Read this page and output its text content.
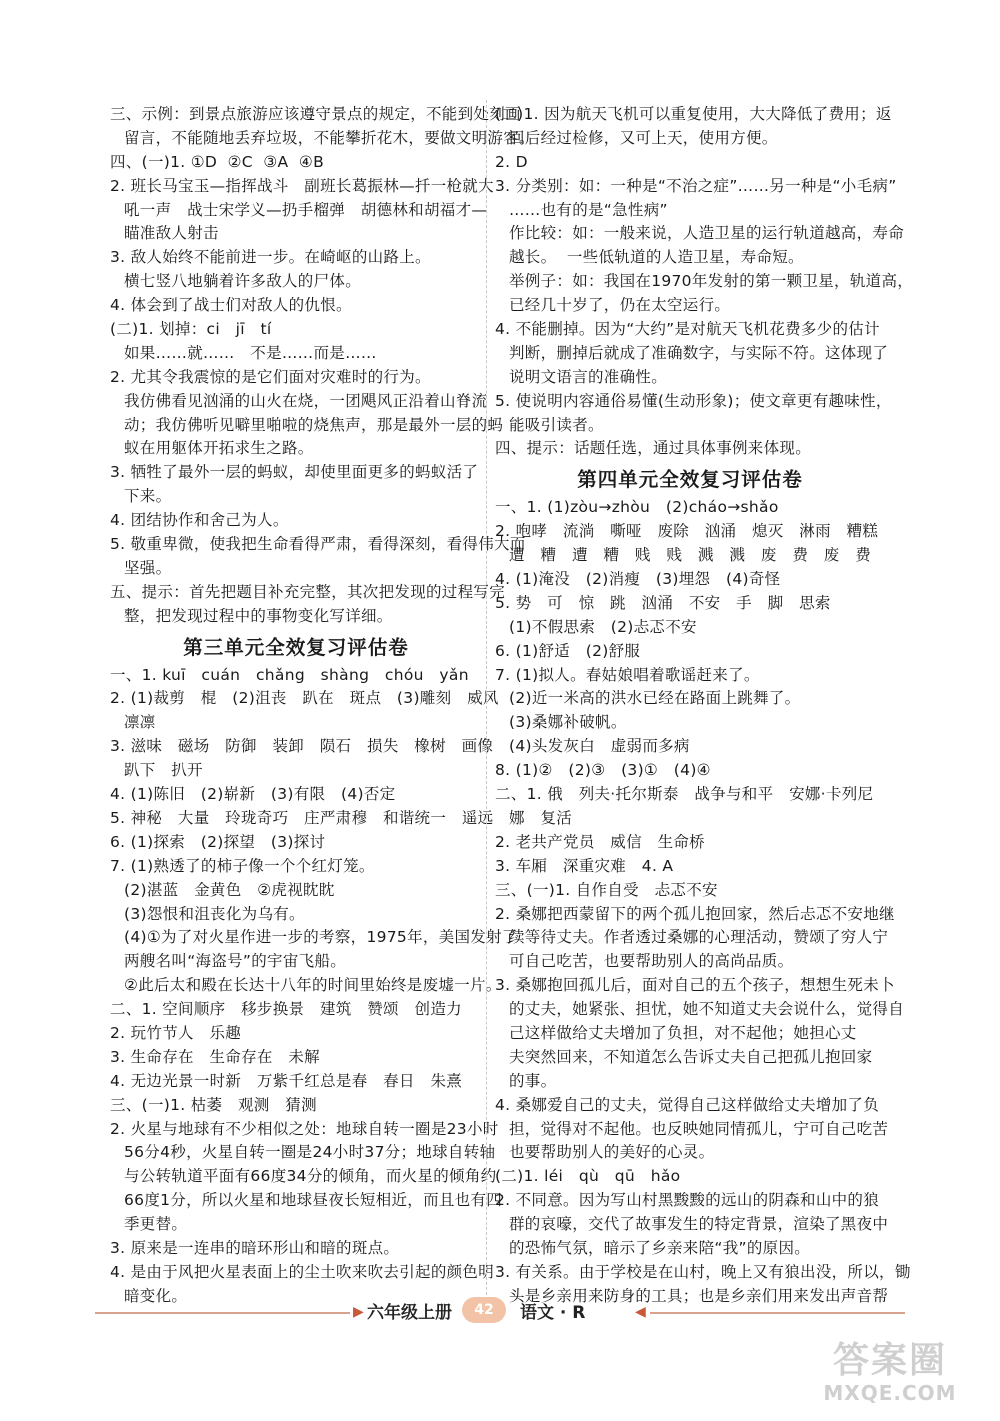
三、示例：到景点旅游应该遵守景点的规定，不能到处刻画
留言，不能随地丢弃垃圾，不能攀折花木，要做文明游客。
四、(一)1. ①D  ②C  ③A  ④B
2. 班长马宝玉—指挥战斗   副班长葛振林—扦一枪就大
吼一声   战士宋学义—扔手榴弹   胡德林和胡福才—
瞄准敌人射击
3. 敌人始终不能前进一步。在崎岖的山路上。
横七竖八地躺着许多敌人的尸体。
4. 体会到了战士们对敌人的仇恨。
(二)1. 划掉：ci   jī   tí
如果……就……   不是……而是……
2. 尤其令我震惊的是它们面对灾难时的行为。
我仿佛看见汹涌的山火在烧，一团飓风正沿着山脊流
动；我仿佛听见噼里啪啦的烧焦声，那是最外一层的蚂
蚁在用躯体开拓求生之路。
3. 牺牲了最外一层的蚂蚁，却使里面更多的蚂蚁活了
下来。
4. 团结协作和舍己为人。
5. 敬重卑微，使我把生命看得严肃，看得深刻，看得伟大而
坚强。
五、提示：首先把题目补充完整，其次把发现的过程写完
整，把发现过程中的事物变化写详细。
第三单元全效复习评估卷
一、1. kuī   cuán   chǎng   shàng   chóu   yǎn
2. (1)裁剪   棍   (2)沮丧   趴在   斑点   (3)雕刻   威风
凛凛
3. 滋味   磁场   防御   装卸   陨石   损失   橡树   画像
趴下   扒开
4. (1)陈旧   (2)崭新   (3)有限   (4)否定
5. 神秘   大量   玲珑奇巧   庄严肃穆   和谐统一   遥远
6. (1)探索   (2)探望   (3)探讨
7. (1)熟透了的柿子像一个个红灯笼。
(2)湛蓝   金黄色   ②虎视眈眈
(3)怨恨和沮丧化为乌有。
(4)①为了对火星作进一步的考察，1975年，美国发射了
两艘名叫“海盗号”的宇宙飞船。
②此后太和殿在长达十八年的时间里始终是废墟一片。
二、1. 空间顺序   移步换景   建筑   赞颂   创造力
2. 玩竹节人   乐趣
3. 生命存在   生命存在   未解
4. 无边光景一时新   万紫千红总是春   春日   朱熹
三、(一)1. 枯萎   观测   猜测
2. 火星与地球有不少相似之处：地球自转一圈是23小时
56分4秒，火星自转一圈是24小时37分；地球自转轴
与公转轨道平面有66度34分的倾角，而火星的倾角约
66度1分，所以火星和地球昼夜长短相近，而且也有四
季更替。
3. 原来是一连串的暗环形山和暗的斑点。
4. 是由于风把火星表面上的尘土吹来吹去引起的颜色明
暗变化。
(二)1. 因为航天飞机可以重复使用，大大降低了费用；返
回后经过检修，又可上天，使用方便。
2. D
3. 分类别：如：一种是“不治之症”……另一种是“小毛病”
……也有的是“急性病”
作比较：如：一般来说，人造卫星的运行轨道越高，寿命
越长。  一些低轨道的人造卫星，寿命短。
举例子：如：我国在1970年发射的第一颗卫星，轨道高，
已经几十岁了，仍在太空运行。
4. 不能删掉。因为“大约”是对航天飞机花费多少的估计
判断，删掉后就成了准确数字，与实际不符。这体现了
说明文语言的准确性。
5. 使说明内容通俗易懂(生动形象)；使文章更有趣味性，
能吸引读者。
四、提示：话题任选，通过具体事例来体现。
第四单元全效复习评估卷
一、1. (1)zòu→zhòu   (2)cháo→shǎo
2. 咆哮   流淌   嘶哑   废除   汹涌   熄灭   淋雨   糟糕
遭   糟   遭   糟   贱   贱   溅   溅   废   费   废   费
4. (1)淹没   (2)消瘦   (3)埋怨   (4)奇怪
5. 势   可   惊   跳   汹涌   不安   手   脚   思索
(1)不假思索   (2)忐忑不安
6. (1)舒适   (2)舒服
7. (1)拟人。春姑娘唱着歌谣赶来了。
(2)近一米高的洪水已经在路面上跳舞了。
(3)桑娜补破帆。
(4)头发灰白   虚弱而多病
8. (1)②   (2)③   (3)①   (4)④
二、1. 俄   列夫·托尔斯泰   战争与和平   安娜·卡列尼
娜   复活
2. 老共产党员   威信   生命桥
3. 车厢   深重灾难   4. A
三、(一)1. 自作自受   忐忑不安
2. 桑娜把西蒙留下的两个孤儿抱回家，然后忐忑不安地继
续等待丈夫。作者透过桑娜的心理活动，赞颂了穷人宁
可自己吃苦，也要帮助别人的高尚品质。
3. 桑娜抱回孤儿后，面对自己的五个孩子，想想生死未卜
的丈夫，她紧张、担忧，她不知道丈夫会说什么，觉得自
己这样做给丈夫增加了负担，对不起他；她担心丈
夫突然回来，不知道怎么告诉丈夫自己把孤儿抱回家
的事。
4. 桑娜爱自己的丈夫，觉得自己这样做给丈夫增加了负
担，觉得对不起他。也反映她同情孤儿，宁可自己吃苦
也要帮助别人的美好的心灵。
(二)1. léi   qù   qū   hǎo
2. 不同意。因为写山村黑黢黢的远山的阴森和山中的狼
群的哀嚎，交代了故事发生的特定背景，渲染了黑夜中
的恐怖气氛，暗示了乡亲来陪“我”的原因。
3. 有关系。由于学校是在山村，晚上又有狼出没，所以，锄
头是乡亲用来防身的工具；也是乡亲们用来发出声音帮
▶ 六年级上册	42	语文 · R	◀
答案圈
MXQE.COM
